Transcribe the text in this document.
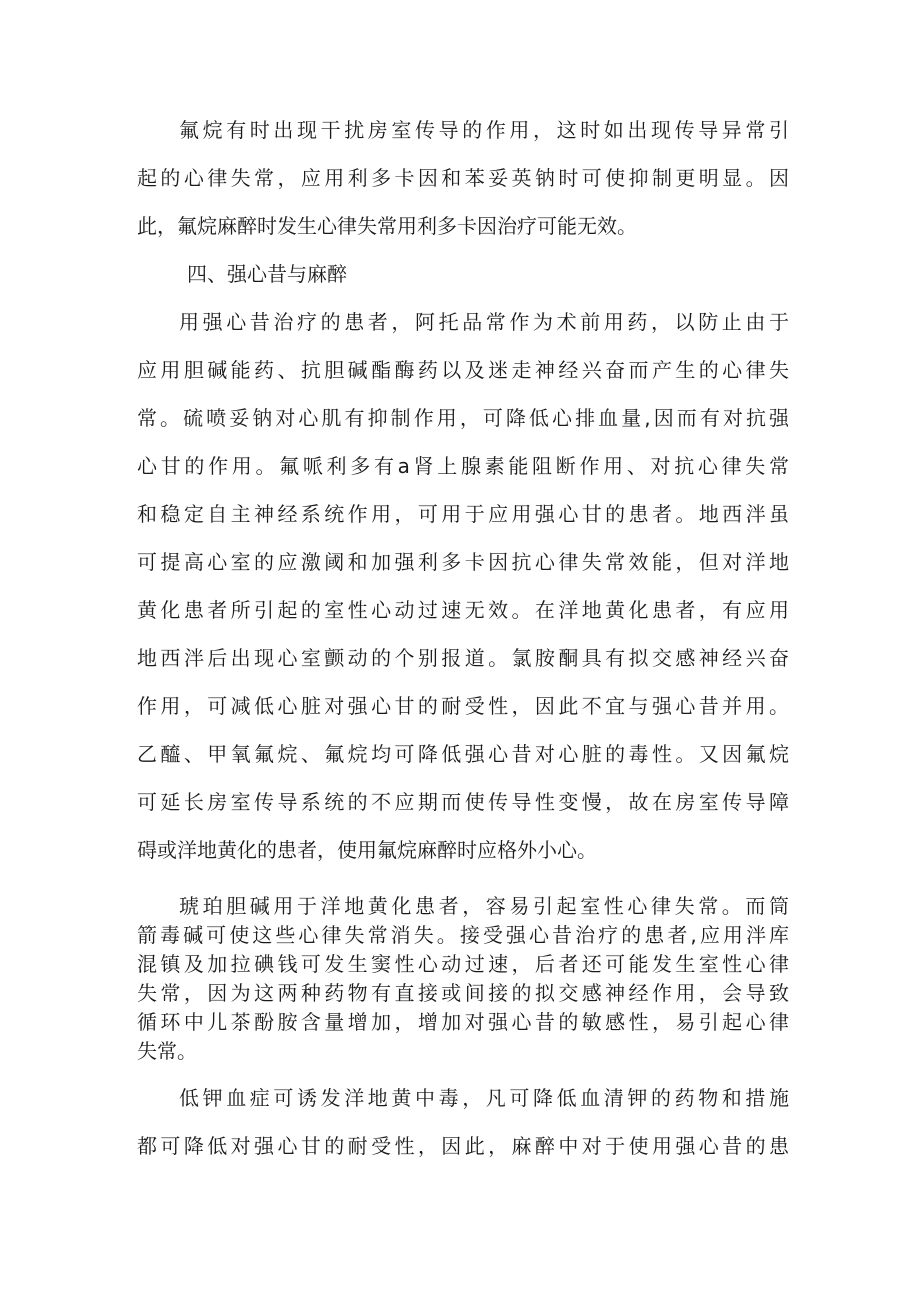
氟烷有时出现干扰房室传导的作用，这时如出现传导异常引
起的心律失常，应用利多卡因和苯妥英钠时可使抑制更明显。因
此，氟烷麻醉时发生心律失常用利多卡因治疗可能无效。
四、强心昔与麻醉
用强心昔治疗的患者，阿托品常作为术前用药，以防止由于
应用胆碱能药、抗胆碱酯酶药以及迷走神经兴奋而产生的心律失
常。硫喷妥钠对心肌有抑制作用，可降低心排血量,因而有对抗强
心甘的作用。氟哌利多有a肾上腺素能阻断作用、对抗心律失常
和稳定自主神经系统作用，可用于应用强心甘的患者。地西泮虽
可提高心室的应激阈和加强利多卡因抗心律失常效能，但对洋地
黄化患者所引起的室性心动过速无效。在洋地黄化患者，有应用
地西泮后出现心室颤动的个别报道。氯胺酮具有拟交感神经兴奋
作用，可减低心脏对强心甘的耐受性，因此不宜与强心昔并用。
乙醯、甲氧氟烷、氟烷均可降低强心昔对心脏的毒性。又因氟烷
可延长房室传导系统的不应期而使传导性变慢，故在房室传导障
碍或洋地黄化的患者，使用氟烷麻醉时应格外小心。
琥珀胆碱用于洋地黄化患者，容易引起室性心律失常。而筒
箭毒碱可使这些心律失常消失。接受强心昔治疗的患者,应用泮库
混镇及加拉碘钱可发生窦性心动过速，后者还可能发生室性心律
失常，因为这两种药物有直接或间接的拟交感神经作用，会导致
循环中儿茶酚胺含量增加，增加对强心昔的敏感性，易引起心律
失常。
低钾血症可诱发洋地黄中毒，凡可降低血清钾的药物和措施
都可降低对强心甘的耐受性，因此，麻醉中对于使用强心昔的患
